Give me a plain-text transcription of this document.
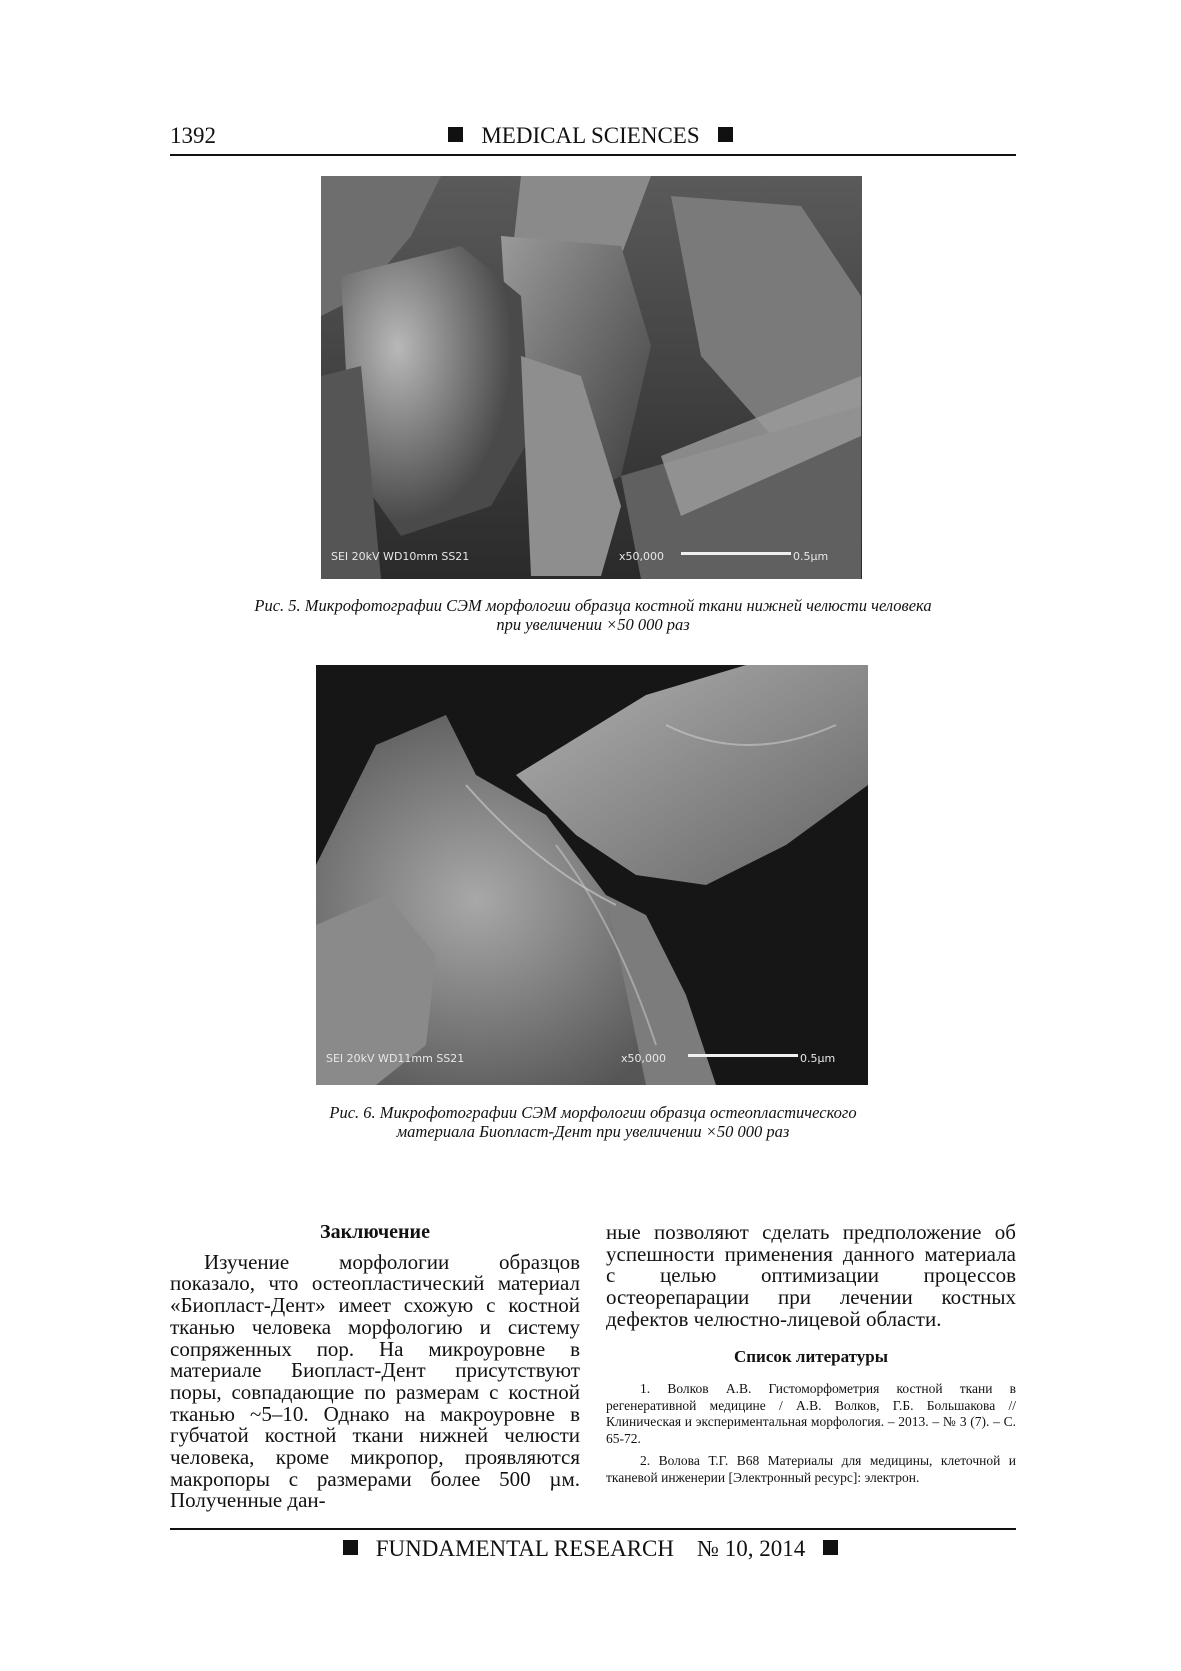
1392	MEDICAL SCIENCES
SEI 20kV WD10mm SS21	x50,000	0.5µm
Рис. 5. Микрофотографии СЭМ морфологии образца костной ткани нижней челюсти человека
при увеличении ×50 000 раз
SEI 20kV WD11mm SS21	x50,000	0.5µm
Рис. 6. Микрофотографии СЭМ морфологии образца остеопластического
материала Биопласт-Дент при увеличении ×50 000 раз

Заключение

Изучение морфологии образцов показало, что остеопластический материал «Биопласт-Дент» имеет схожую с костной тканью человека морфологию и систему сопряженных пор. На микроуровне в материале Биопласт-Дент присутствуют поры, совпадающие по размерам с костной тканью ~5–10. Однако на макроуровне в губчатой костной ткани нижней челюсти человека, кроме микропор, проявляются макропоры с размерами более 500 µм. Полученные дан-

ные позволяют сделать предположение об успешности применения данного материала с целью оптимизации процессов остеорепарации при лечении костных дефектов челюстно-лицевой области.

Список литературы

1. Волков А.В. Гистоморфометрия костной ткани в регенеративной медицине / А.В. Волков, Г.Б. Большакова // Клиническая и экспериментальная морфология. – 2013. – № 3 (7). – С. 65-72.

2. Волова Т.Г. В68 Материалы для медицины, клеточной и тканевой инженерии [Электронный ресурс]: электрон.

FUNDAMENTAL RESEARCH № 10, 2014
